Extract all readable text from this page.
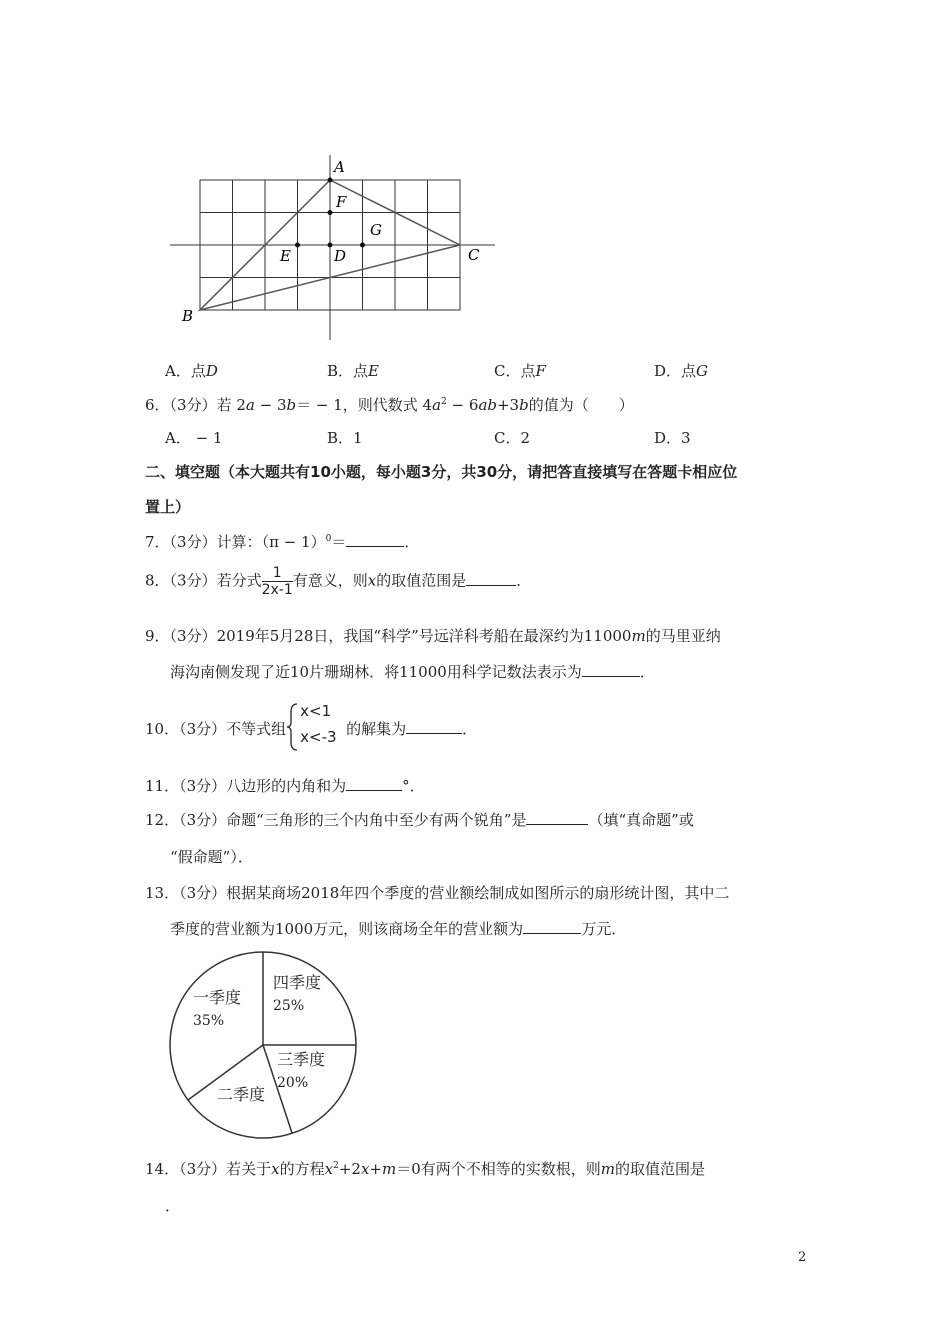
A
F
G
E	D	C
B
A．点D	B．点E	C．点F	D．点G
6．（3分）若 2a − 3b＝ − 1，则代数式 $4a^2 - 6ab+3b$的值为（　　）
A． − 1	B．1	C．2	D．3
二、填空题（本大题共有10小题，每小题3分，共30分，请把答直接填写在答题卡相应位
置上）
7．（3分）计算：$(\pi - 1)^0=$	．
8．（3分）若分式 $\frac{1}{2x-1}$ 有意义，则x的取值范围是	．
9．（3分）2019年5月28日，我国“科学”号远洋科考船在最深约为11000m的马里亚纳
海沟南侧发现了近10片珊瑚林．将11000用科学记数法表示为	．
10．（3分）不等式组
x<1
x<-3 的解集为	．
11．（3分）八边形的内角和为	°．
12．（3分）命题“三角形的三个内角中至少有两个锐角”是	（填“真命题”或
“假命题”）．
13．（3分）根据某商场2018年四个季度的营业额绘制成如图所示的扇形统计图，其中二
季度的营业额为1000万元，则该商场全年的营业额为	万元．
四季度
25%
一季度
35%
三季度
20%
二季度
14．（3分）若关于x的方程$x^2+2x+m=0$有两个不相等的实数根，则m的取值范围是
．
2
